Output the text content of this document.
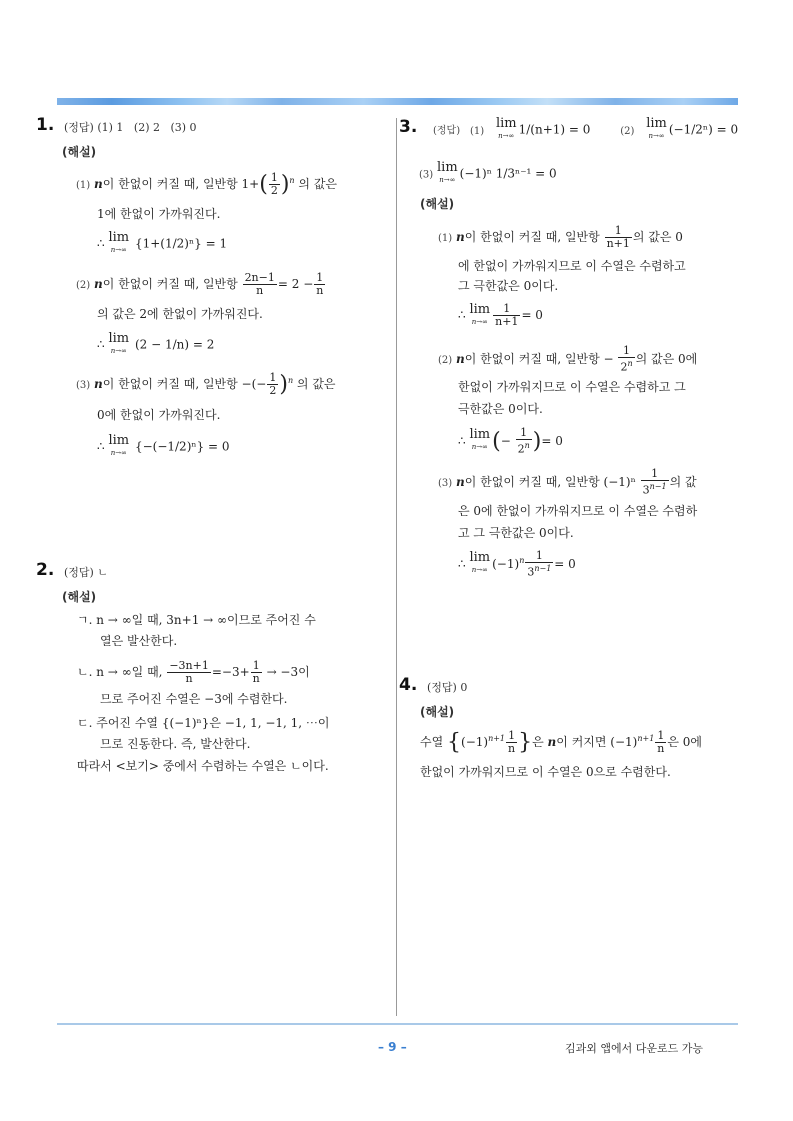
1. (정답) (1) 1   (2) 2   (3) 0
(해설)
(1) n이 한없이 커질 때, 일반항 $1+( \frac{1}{2} )^n$ 의 값은
1에 한없이 가까워진다.
∴ lim
n→∞ {1+(1/2)ⁿ} = 1
(2) n이 한없이 커질 때, 일반항 $\frac{2n-1}{n} = 2 - \frac{1}{n}$
의 값은 2에 한없이 가까워진다.
∴ lim
n→∞ (2 − 1/n) = 2
(3) n이 한없이 커질 때, 일반항 −(− $\frac{1}{2} )^n$ 의 값은
0에 한없이 가까워진다.
∴ lim
n→∞ {−(−1/2)ⁿ} = 0
2. (정답) ㄴ
(해설)
ㄱ. n → ∞일 때, 3n+1 → ∞이므로 주어진 수
열은 발산한다.
ㄴ. n → ∞일 때, $\frac{-3n+1}{n} =-3+ \frac{1}{n} \to -3$이
므로 주어진 수열은 −3에 수렴한다.
ㄷ. 주어진 수열 {(−1)ⁿ}은 −1, 1, −1, 1, ⋯이
므로 진동한다. 즉, 발산한다.
따라서 <보기> 중에서 수렴하는 수열은 ㄴ이다.
3. (정답) (1) lim
n→∞ 1/(n+1) = 0	(2) lim
n→∞ (−1/2ⁿ) = 0
(3) lim
n→∞ (−1)ⁿ 1/3ⁿ⁻¹ = 0
(해설)
(1) n이 한없이 커질 때, 일반항 $\frac{1}{n+1}$ 의 값은 0
에 한없이 가까워지므로 이 수열은 수렴하고
그 극한값은 0이다.
∴ lim
$n\to\infty \frac{1}{n+1} = 0$
(2) n이 한없이 커질 때, 일반항 − $\frac{1}{2^n}$ 의 값은 0에
한없이 가까워지므로 이 수열은 수렴하고 그
극한값은 0이다.
∴ lim
n→∞ (− $\frac{1}{2^n}$ )= 0
(3) n이 한없이 커질 때, 일반항 $(-1)^n \frac{1}{3^{n-1}}$ 의 값
은 0에 한없이 가까워지므로 이 수열은 수렴하
고 그 극한값은 0이다.
∴ lim
n→∞ $(-1)^n \frac{1}{3^{n-1}} = 0$
4. (정답) 0
(해설)
수열 {$(-1)^{n+1} \frac{1}{n}$ }은 n이 커지면 $(-1)^{n+1} \frac{1}{n}$ 은 0에
한없이 가까워지므로 이 수열은 0으로 수렴한다.
– 9 –	김과외 앱에서 다운로드 가능
